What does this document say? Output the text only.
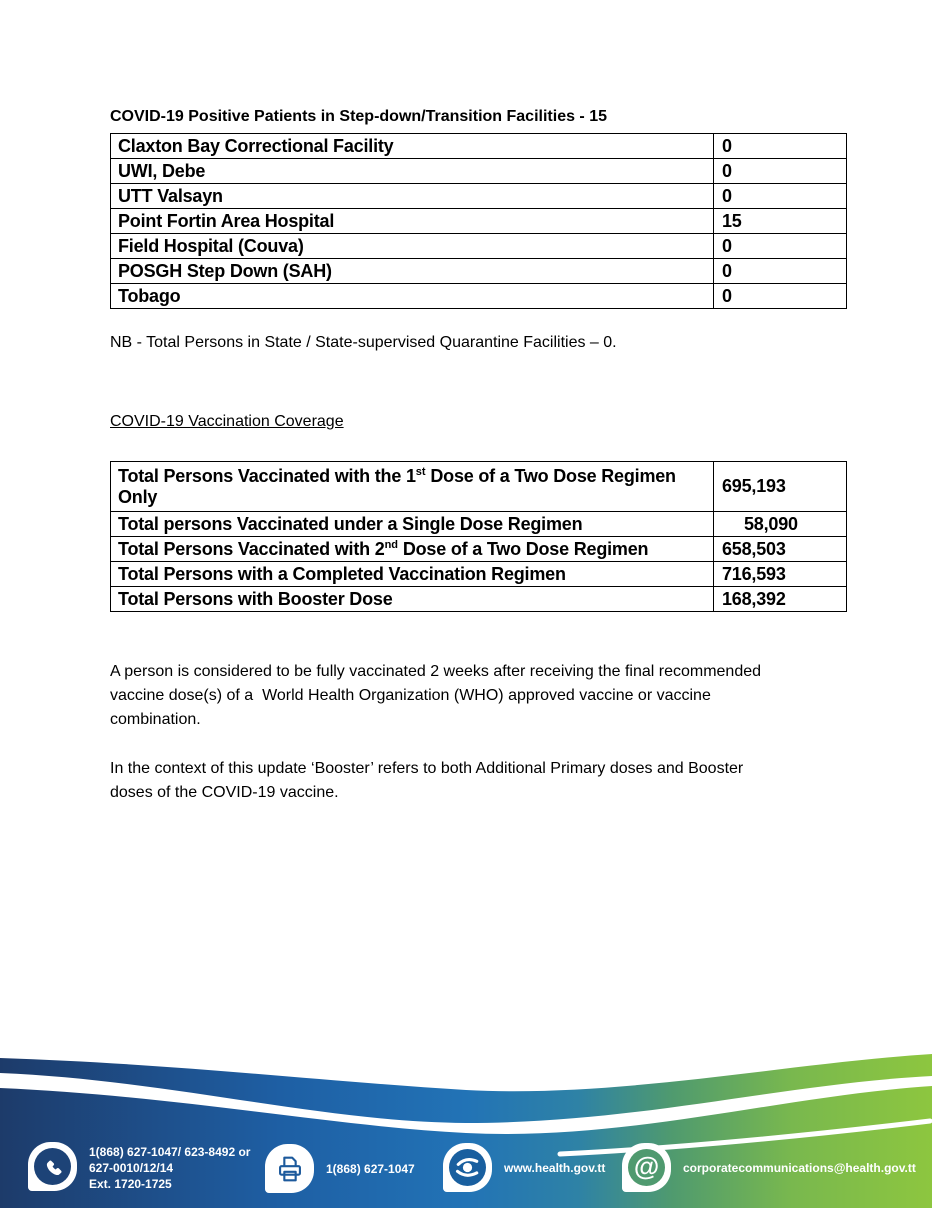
COVID-19 Positive Patients in Step-down/Transition Facilities - 15
Claxton Bay Correctional Facility	0
UWI, Debe	0
UTT Valsayn	0
Point Fortin Area Hospital	15
Field Hospital (Couva)	0
POSGH Step Down (SAH)	0
Tobago	0
NB - Total Persons in State / State-supervised Quarantine Facilities – 0.
COVID-19 Vaccination Coverage
Total Persons Vaccinated with the 1st Dose of a Two Dose Regimen Only	695,193
Total persons Vaccinated under a Single Dose Regimen	58,090
Total Persons Vaccinated with 2nd Dose of a Two Dose Regimen	658,503
Total Persons with a Completed Vaccination Regimen	716,593
Total Persons with Booster Dose	168,392
A person is considered to be fully vaccinated 2 weeks after receiving the final recommended
vaccine dose(s) of a  World Health Organization (WHO) approved vaccine or vaccine
combination.
In the context of this update ‘Booster’ refers to both Additional Primary doses and Booster
doses of the COVID-19 vaccine.
1(868) 627-1047/ 623-8492 or
627-0010/12/14
Ext. 1720-1725
1(868) 627-1047	www.health.gov.tt @ corporatecommunications@health.gov.tt
